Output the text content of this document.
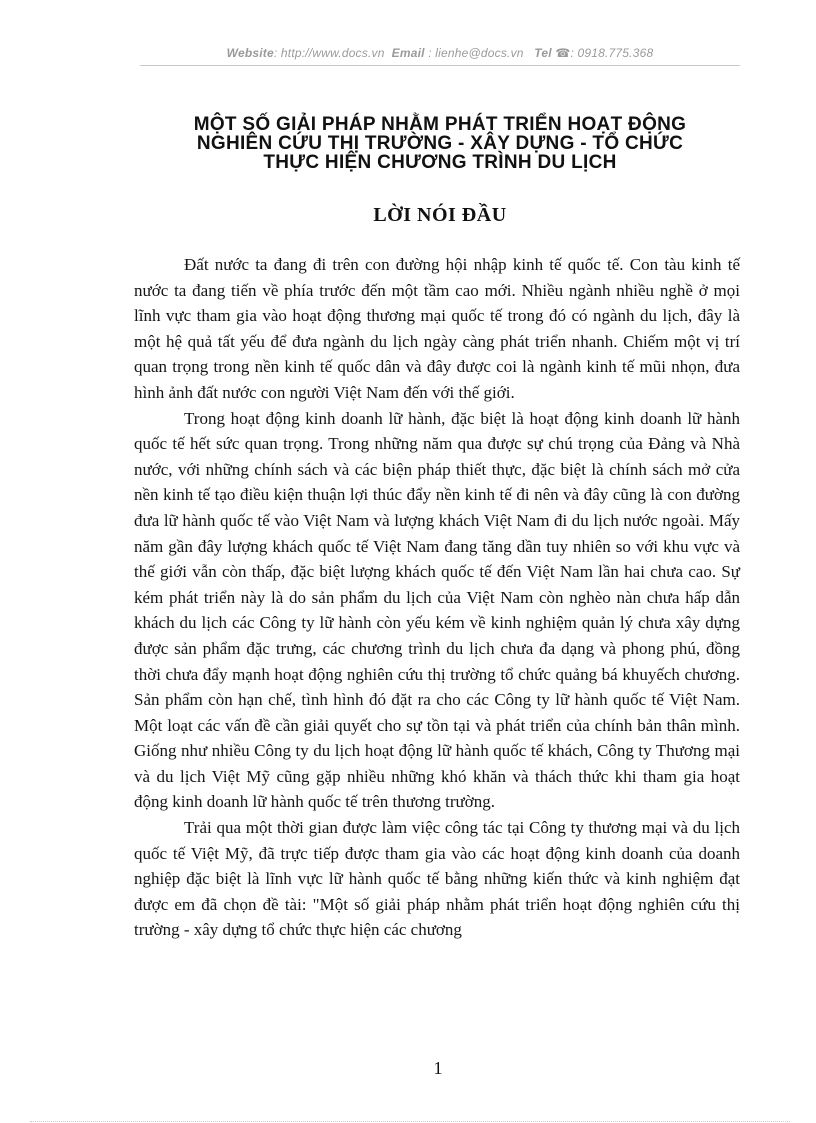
Website: http://www.docs.vn Email : lienhe@docs.vn Tel ☎: 0918.775.368
MỘT SỐ GIẢI PHÁP NHẰM PHÁT TRIỂN HOẠT ĐỘNG
NGHIÊN CỨU THỊ TRƯỜNG - XÂY DỰNG - TỔ CHỨC
THỰC HIỆN CHƯƠNG TRÌNH DU LỊCH
LỜI NÓI ĐẦU

Đất nước ta đang đi trên con đường hội nhập kinh tế quốc tế. Con tàu kinh tế nước ta đang tiến về phía trước đến một tầm cao mới. Nhiều ngành nhiều nghề ở mọi lĩnh vực tham gia vào hoạt động thương mại quốc tế trong đó có ngành du lịch, đây là một hệ quả tất yếu để đưa ngành du lịch ngày càng phát triển nhanh. Chiếm một vị trí quan trọng trong nền kinh tế quốc dân và đây được coi là ngành kinh tế mũi nhọn, đưa hình ảnh đất nước con người Việt Nam đến với thế giới.

Trong hoạt động kinh doanh lữ hành, đặc biệt là hoạt động kinh doanh lữ hành quốc tế hết sức quan trọng. Trong những năm qua được sự chú trọng của Đảng và Nhà nước, với những chính sách và các biện pháp thiết thực, đặc biệt là chính sách mở cửa nền kinh tế tạo điều kiện thuận lợi thúc đẩy nền kinh tế đi nên và đây cũng là con đường đưa lữ hành quốc tế vào Việt Nam và lượng khách Việt Nam đi du lịch nước ngoài. Mấy năm gần đây lượng khách quốc tế Việt Nam đang tăng dần tuy nhiên so với khu vực và thế giới vẫn còn thấp, đặc biệt lượng khách quốc tế đến Việt Nam lần hai chưa cao. Sự kém phát triển này là do sản phẩm du lịch của Việt Nam còn nghèo nàn chưa hấp dẫn khách du lịch các Công ty lữ hành còn yếu kém về kinh nghiệm quản lý chưa xây dựng được sản phẩm đặc trưng, các chương trình du lịch chưa đa dạng và phong phú, đồng thời chưa đẩy mạnh hoạt động nghiên cứu thị trường tổ chức quảng bá khuyếch chương. Sản phẩm còn hạn chế, tình hình đó đặt ra cho các Công ty lữ hành quốc tế Việt Nam. Một loạt các vấn đề cần giải quyết cho sự tồn tại và phát triển của chính bản thân mình. Giống như nhiều Công ty du lịch hoạt động lữ hành quốc tế khách, Công ty Thương mại và du lịch Việt Mỹ cũng gặp nhiều những khó khăn và thách thức khi tham gia hoạt động kinh doanh lữ hành quốc tế trên thương trường.

Trải qua một thời gian được làm việc công tác tại Công ty thương mại và du lịch quốc tế Việt Mỹ, đã trực tiếp được tham gia vào các hoạt động kinh doanh của doanh nghiệp đặc biệt là lĩnh vực lữ hành quốc tế bằng những kiến thức và kinh nghiệm đạt được em đã chọn đề tài: "Một số giải pháp nhằm phát triển hoạt động nghiên cứu thị trường - xây dựng tổ chức thực hiện các chương

1
